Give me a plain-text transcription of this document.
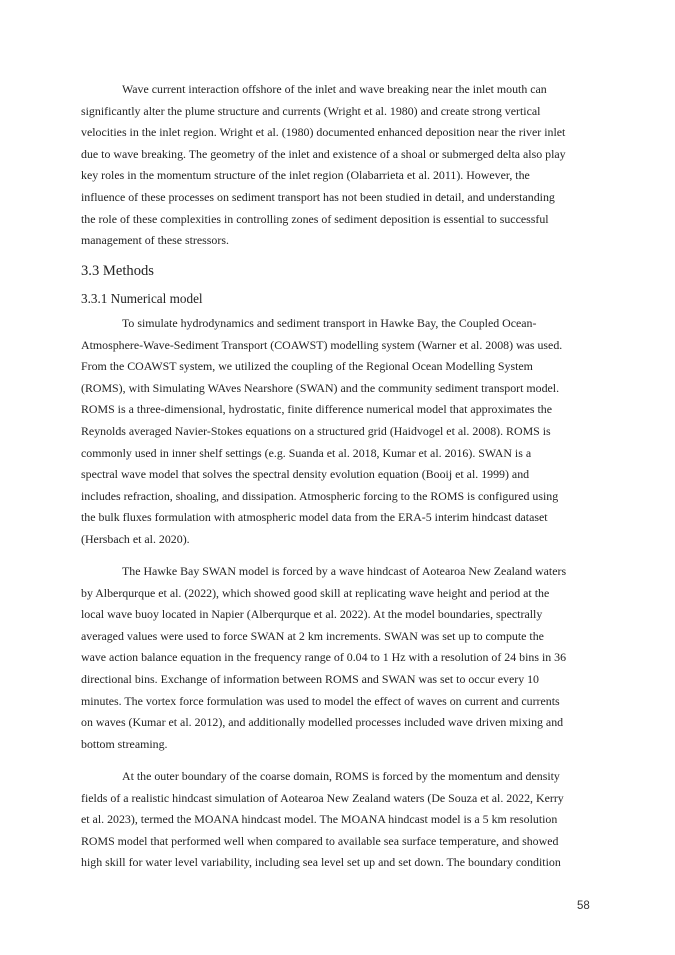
Wave current interaction offshore of the inlet and wave breaking near the inlet mouth can
significantly alter the plume structure and currents (Wright et al. 1980) and create strong vertical
velocities in the inlet region. Wright et al. (1980) documented enhanced deposition near the river inlet
due to wave breaking. The geometry of the inlet and existence of a shoal or submerged delta also play
key roles in the momentum structure of the inlet region (Olabarrieta et al. 2011). However, the
influence of these processes on sediment transport has not been studied in detail, and understanding
the role of these complexities in controlling zones of sediment deposition is essential to successful
management of these stressors.
3.3 Methods
3.3.1 Numerical model
To simulate hydrodynamics and sediment transport in Hawke Bay, the Coupled Ocean-
Atmosphere-Wave-Sediment Transport (COAWST) modelling system (Warner et al. 2008) was used.
From the COAWST system, we utilized the coupling of the Regional Ocean Modelling System
(ROMS), with Simulating WAves Nearshore (SWAN) and the community sediment transport model.
ROMS is a three-dimensional, hydrostatic, finite difference numerical model that approximates the
Reynolds averaged Navier-Stokes equations on a structured grid (Haidvogel et al. 2008). ROMS is
commonly used in inner shelf settings (e.g. Suanda et al. 2018, Kumar et al. 2016). SWAN is a
spectral wave model that solves the spectral density evolution equation (Booij et al. 1999) and
includes refraction, shoaling, and dissipation. Atmospheric forcing to the ROMS is configured using
the bulk fluxes formulation with atmospheric model data from the ERA-5 interim hindcast dataset
(Hersbach et al. 2020).
The Hawke Bay SWAN model is forced by a wave hindcast of Aotearoa New Zealand waters
by Alberqurque et al. (2022), which showed good skill at replicating wave height and period at the
local wave buoy located in Napier (Alberqurque et al. 2022). At the model boundaries, spectrally
averaged values were used to force SWAN at 2 km increments. SWAN was set up to compute the
wave action balance equation in the frequency range of 0.04 to 1 Hz with a resolution of 24 bins in 36
directional bins. Exchange of information between ROMS and SWAN was set to occur every 10
minutes. The vortex force formulation was used to model the effect of waves on current and currents
on waves (Kumar et al. 2012), and additionally modelled processes included wave driven mixing and
bottom streaming.
At the outer boundary of the coarse domain, ROMS is forced by the momentum and density
fields of a realistic hindcast simulation of Aotearoa New Zealand waters (De Souza et al. 2022, Kerry
et al. 2023), termed the MOANA hindcast model. The MOANA hindcast model is a 5 km resolution
ROMS model that performed well when compared to available sea surface temperature, and showed
high skill for water level variability, including sea level set up and set down. The boundary condition
58
